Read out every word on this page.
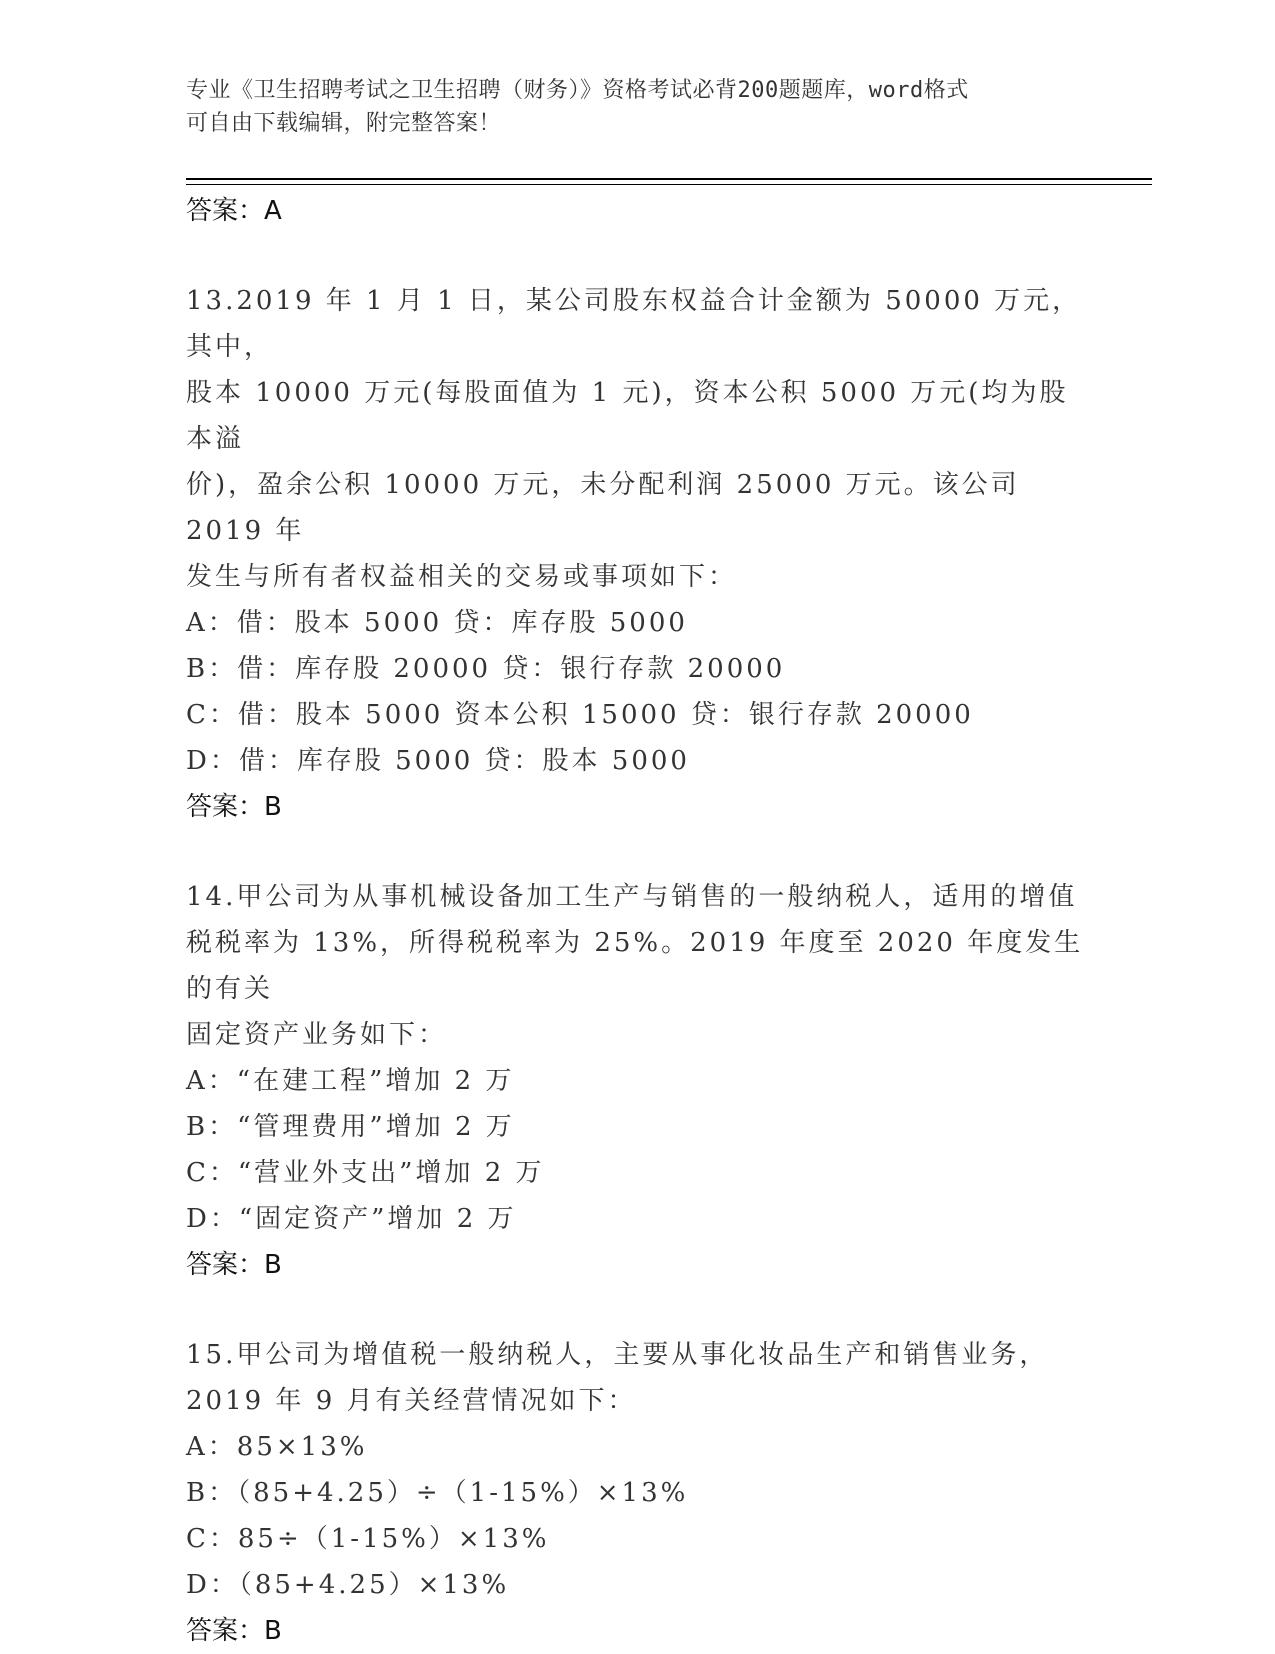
专业《卫生招聘考试之卫生招聘（财务）》资格考试必背200题题库，word格式
可自由下载编辑，附完整答案！
答案：A
13.2019 年 1 月 1 日，某公司股东权益合计金额为 50000 万元，其中，
股本 10000 万元(每股面值为 1 元)，资本公积 5000 万元(均为股本溢
价)，盈余公积 10000 万元，未分配利润 25000 万元。该公司 2019 年
发生与所有者权益相关的交易或事项如下：
A：借：股本 5000 贷：库存股 5000
B：借：库存股 20000 贷：银行存款 20000
C：借：股本 5000 资本公积 15000 贷：银行存款 20000
D：借：库存股 5000 贷：股本 5000
答案：B
14.甲公司为从事机械设备加工生产与销售的一般纳税人，适用的增值
税税率为 13%，所得税税率为 25%。2019 年度至 2020 年度发生的有关
固定资产业务如下：
A：“在建工程”增加 2 万
B：“管理费用”增加 2 万
C：“营业外支出”增加 2 万
D：“固定资产”增加 2 万
答案：B
15.甲公司为增值税一般纳税人，主要从事化妆品生产和销售业务，
2019 年 9 月有关经营情况如下：
A：85×13%
B：（85+4.25）÷（1-15%）×13%
C：85÷（1-15%）×13%
D：（85+4.25）×13%
答案：B
